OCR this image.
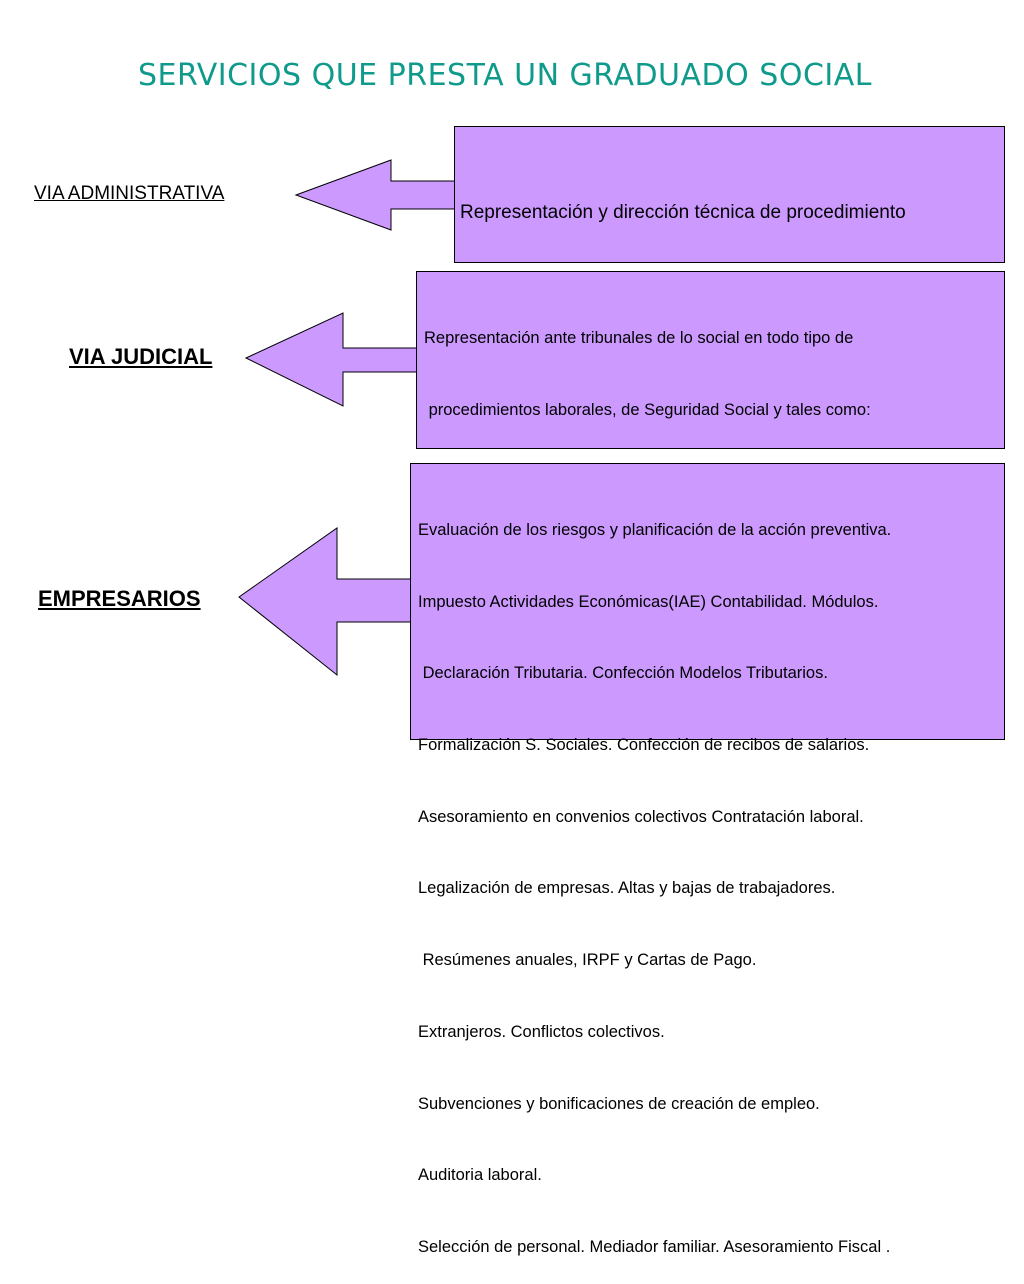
SERVICIOS QUE PRESTA UN GRADUADO SOCIAL
VIA ADMINISTRATIVA
VIA JUDICIAL
EMPRESARIOS

Representación y dirección técnica de procedimiento

Representación ante tribunales de lo social en todo tipo de

procedimientos laborales, de Seguridad Social y tales como:

Evaluación de los riesgos y planificación de la acción preventiva.

Impuesto Actividades Económicas(IAE) Contabilidad. Módulos.

Declaración Tributaria. Confección Modelos Tributarios.

Formalización S. Sociales. Confección de recibos de salarios.

Asesoramiento en convenios colectivos Contratación laboral.

Legalización de empresas. Altas y bajas de trabajadores.

Resúmenes anuales, IRPF y Cartas de Pago.

Extranjeros. Conflictos colectivos.

Subvenciones y bonificaciones de creación de empleo.

Auditoria laboral.

Selección de personal. Mediador familiar. Asesoramiento Fiscal .
